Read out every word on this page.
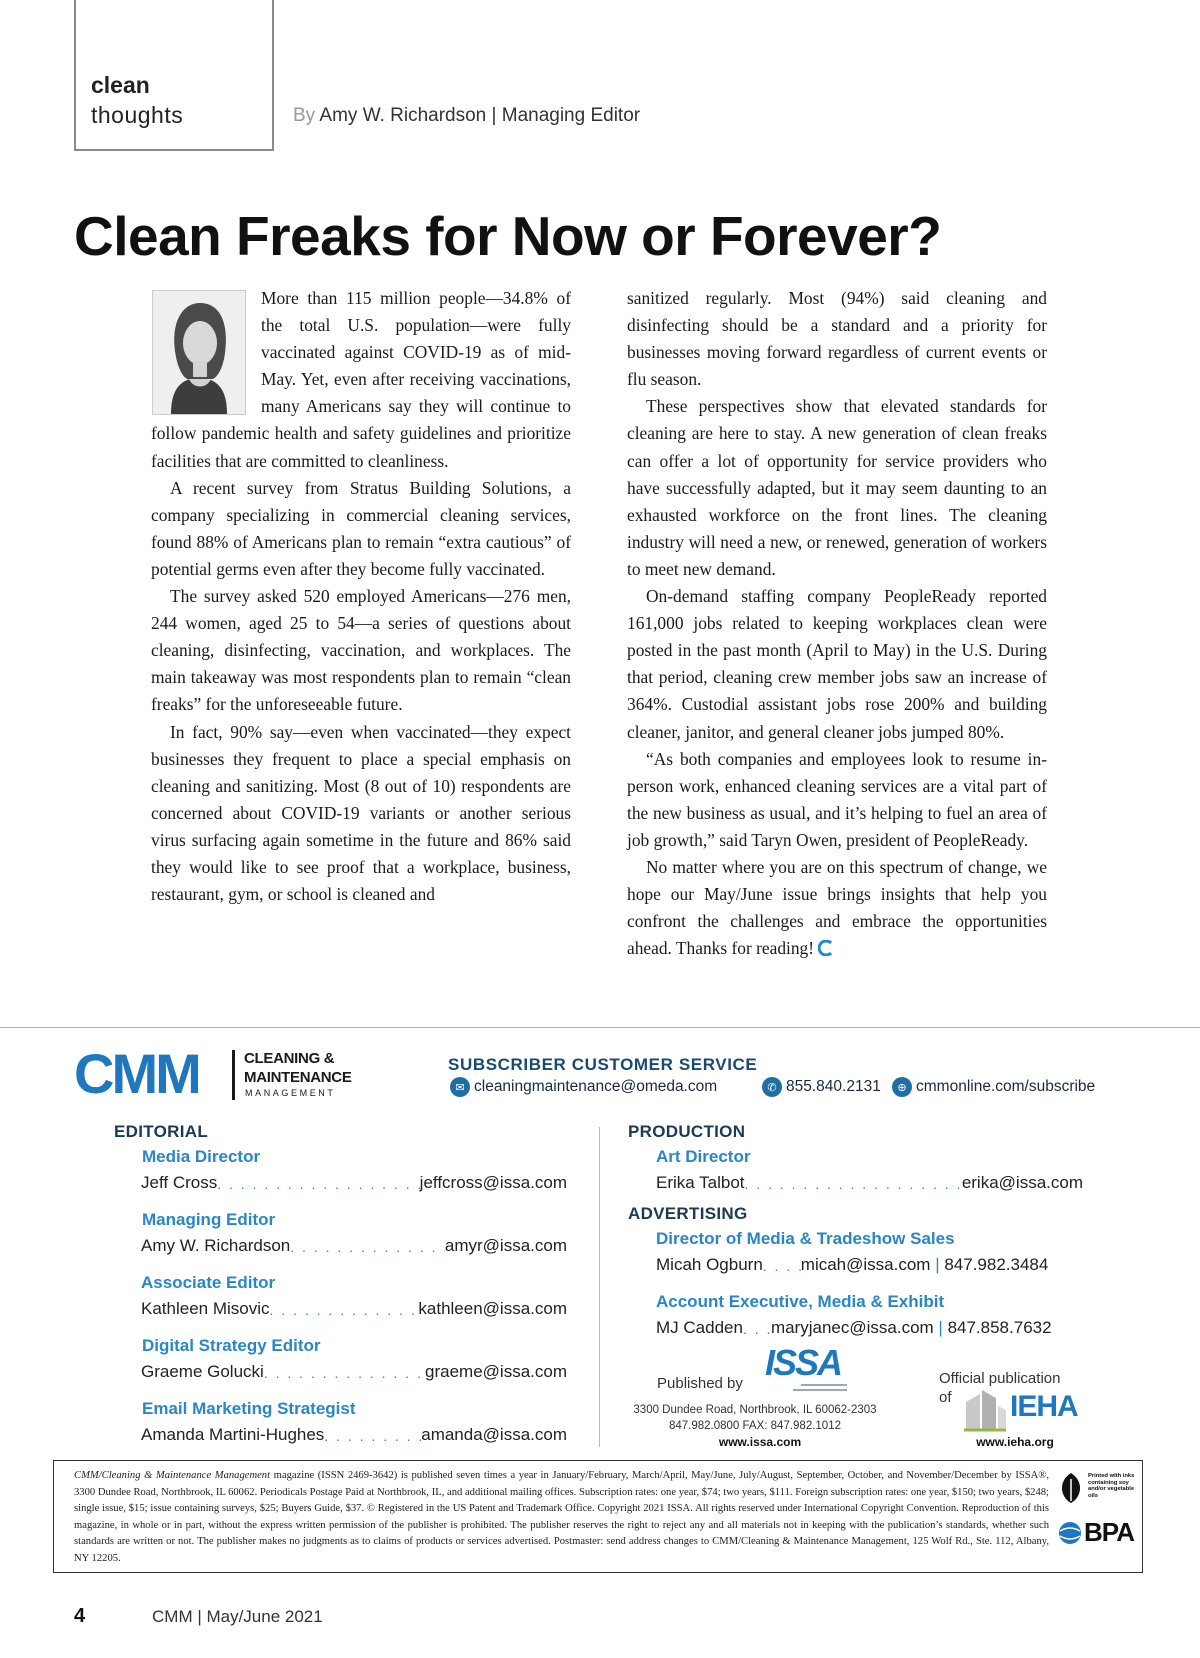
clean
thoughts	By Amy W. Richardson | Managing Editor
Clean Freaks for Now or Forever?

More than 115 million people—34.8% of the total U.S. population—were fully vaccinated against COVID-19 as of mid-May. Yet, even after receiving vaccinations, many Americans say they will continue to follow pandemic health and safety guidelines and prioritize facilities that are committed to cleanliness.

A recent survey from Stratus Building Solutions, a company specializing in commercial cleaning services, found 88% of Americans plan to remain “extra cautious” of potential germs even after they become fully vaccinated.

The survey asked 520 employed Americans—276 men, 244 women, aged 25 to 54—a series of questions about cleaning, disinfecting, vaccination, and workplaces. The main takeaway was most respondents plan to remain “clean freaks” for the unforeseeable future.

In fact, 90% say—even when vaccinated—they expect businesses they frequent to place a special emphasis on cleaning and sanitizing. Most (8 out of 10) respondents are concerned about COVID-19 variants or another serious virus surfacing again sometime in the future and 86% said they would like to see proof that a workplace, business, restaurant, gym, or school is cleaned and

sanitized regularly. Most (94%) said cleaning and disinfecting should be a standard and a priority for businesses moving forward regardless of current events or flu season.

These perspectives show that elevated standards for cleaning are here to stay. A new generation of clean freaks can offer a lot of opportunity for service providers who have successfully adapted, but it may seem daunting to an exhausted workforce on the front lines. The cleaning industry will need a new, or renewed, generation of workers to meet new demand.

On-demand staffing company PeopleReady reported 161,000 jobs related to keeping workplaces clean were posted in the past month (April to May) in the U.S. During that period, cleaning crew member jobs saw an increase of 364%. Custodial assistant jobs rose 200% and building cleaner, janitor, and general cleaner jobs jumped 80%.

“As both companies and employees look to resume in-person work, enhanced cleaning services are a vital part of the new business as usual, and it’s helping to fuel an area of job growth,” said Taryn Owen, president of PeopleReady.

No matter where you are on this spectrum of change, we hope our May/June issue brings insights that help you confront the challenges and embrace the opportunities ahead. Thanks for reading!

CMM	CLEANING &
MAINTENANCE
MANAGEMENT
SUBSCRIBER CUSTOMER SERVICE
✉ cleaningmaintenance@omeda.com	✆ 855.840.2131	⊕ cmmonline.com/subscribe
EDITORIAL
Media Director
Jeff Cross . . .	jeffcross@issa.com
Managing Editor
Amy W. Richardson . . .	amyr@issa.com
Associate Editor
Kathleen Misovic . . .	kathleen@issa.com
Digital Strategy Editor
Graeme Golucki . . .	graeme@issa.com
Email Marketing Strategist
Amanda Martini-Hughes . . .	amanda@issa.com
PRODUCTION
Art Director
Erika Talbot . . .	erika@issa.com
ADVERTISING
Director of Media & Tradeshow Sales
Micah Ogburn . . . micah@issa.com | 847.982.3484
Account Executive, Media & Exhibit
MJ Cadden . . . maryjanec@issa.com | 847.858.7632
Published by
ISSA
3300 Dundee Road, Northbrook, IL 60062-2303
847.982.0800 FAX: 847.982.1012
www.issa.com
Official publication
of	IEHA
www.ieha.org
CMM/Cleaning & Maintenance Management magazine (ISSN 2469-3642) is published seven times a year in January/February, March/April, May/June, July/August, September, October, and November/December by ISSA®, 3300 Dundee Road, Northbrook, IL 60062. Periodicals Postage Paid at Northbrook, IL, and additional mailing offices. Subscription rates: one year, $74; two years, $111. Foreign subscription rates: one year, $150; two years, $248; single issue, $15; issue containing surveys, $25; Buyers Guide, $37. © Registered in the US Patent and Trademark Office. Copyright 2021 ISSA. All rights reserved under International Copyright Convention. Reproduction of this magazine, in whole or in part, without the express written permission of the publisher is prohibited. The publisher reserves the right to reject any and all materials not in keeping with the publication’s standards, whether such standards are written or not. The publisher makes no judgments as to claims of products or services advertised. Postmaster: send address changes to CMM/Cleaning & Maintenance Management, 125 Wolf Rd., Ste. 112, Albany, NY 12205.
Printed with inks containing soy and/or vegetable oils
BPA
4	CMM | May/June 2021
